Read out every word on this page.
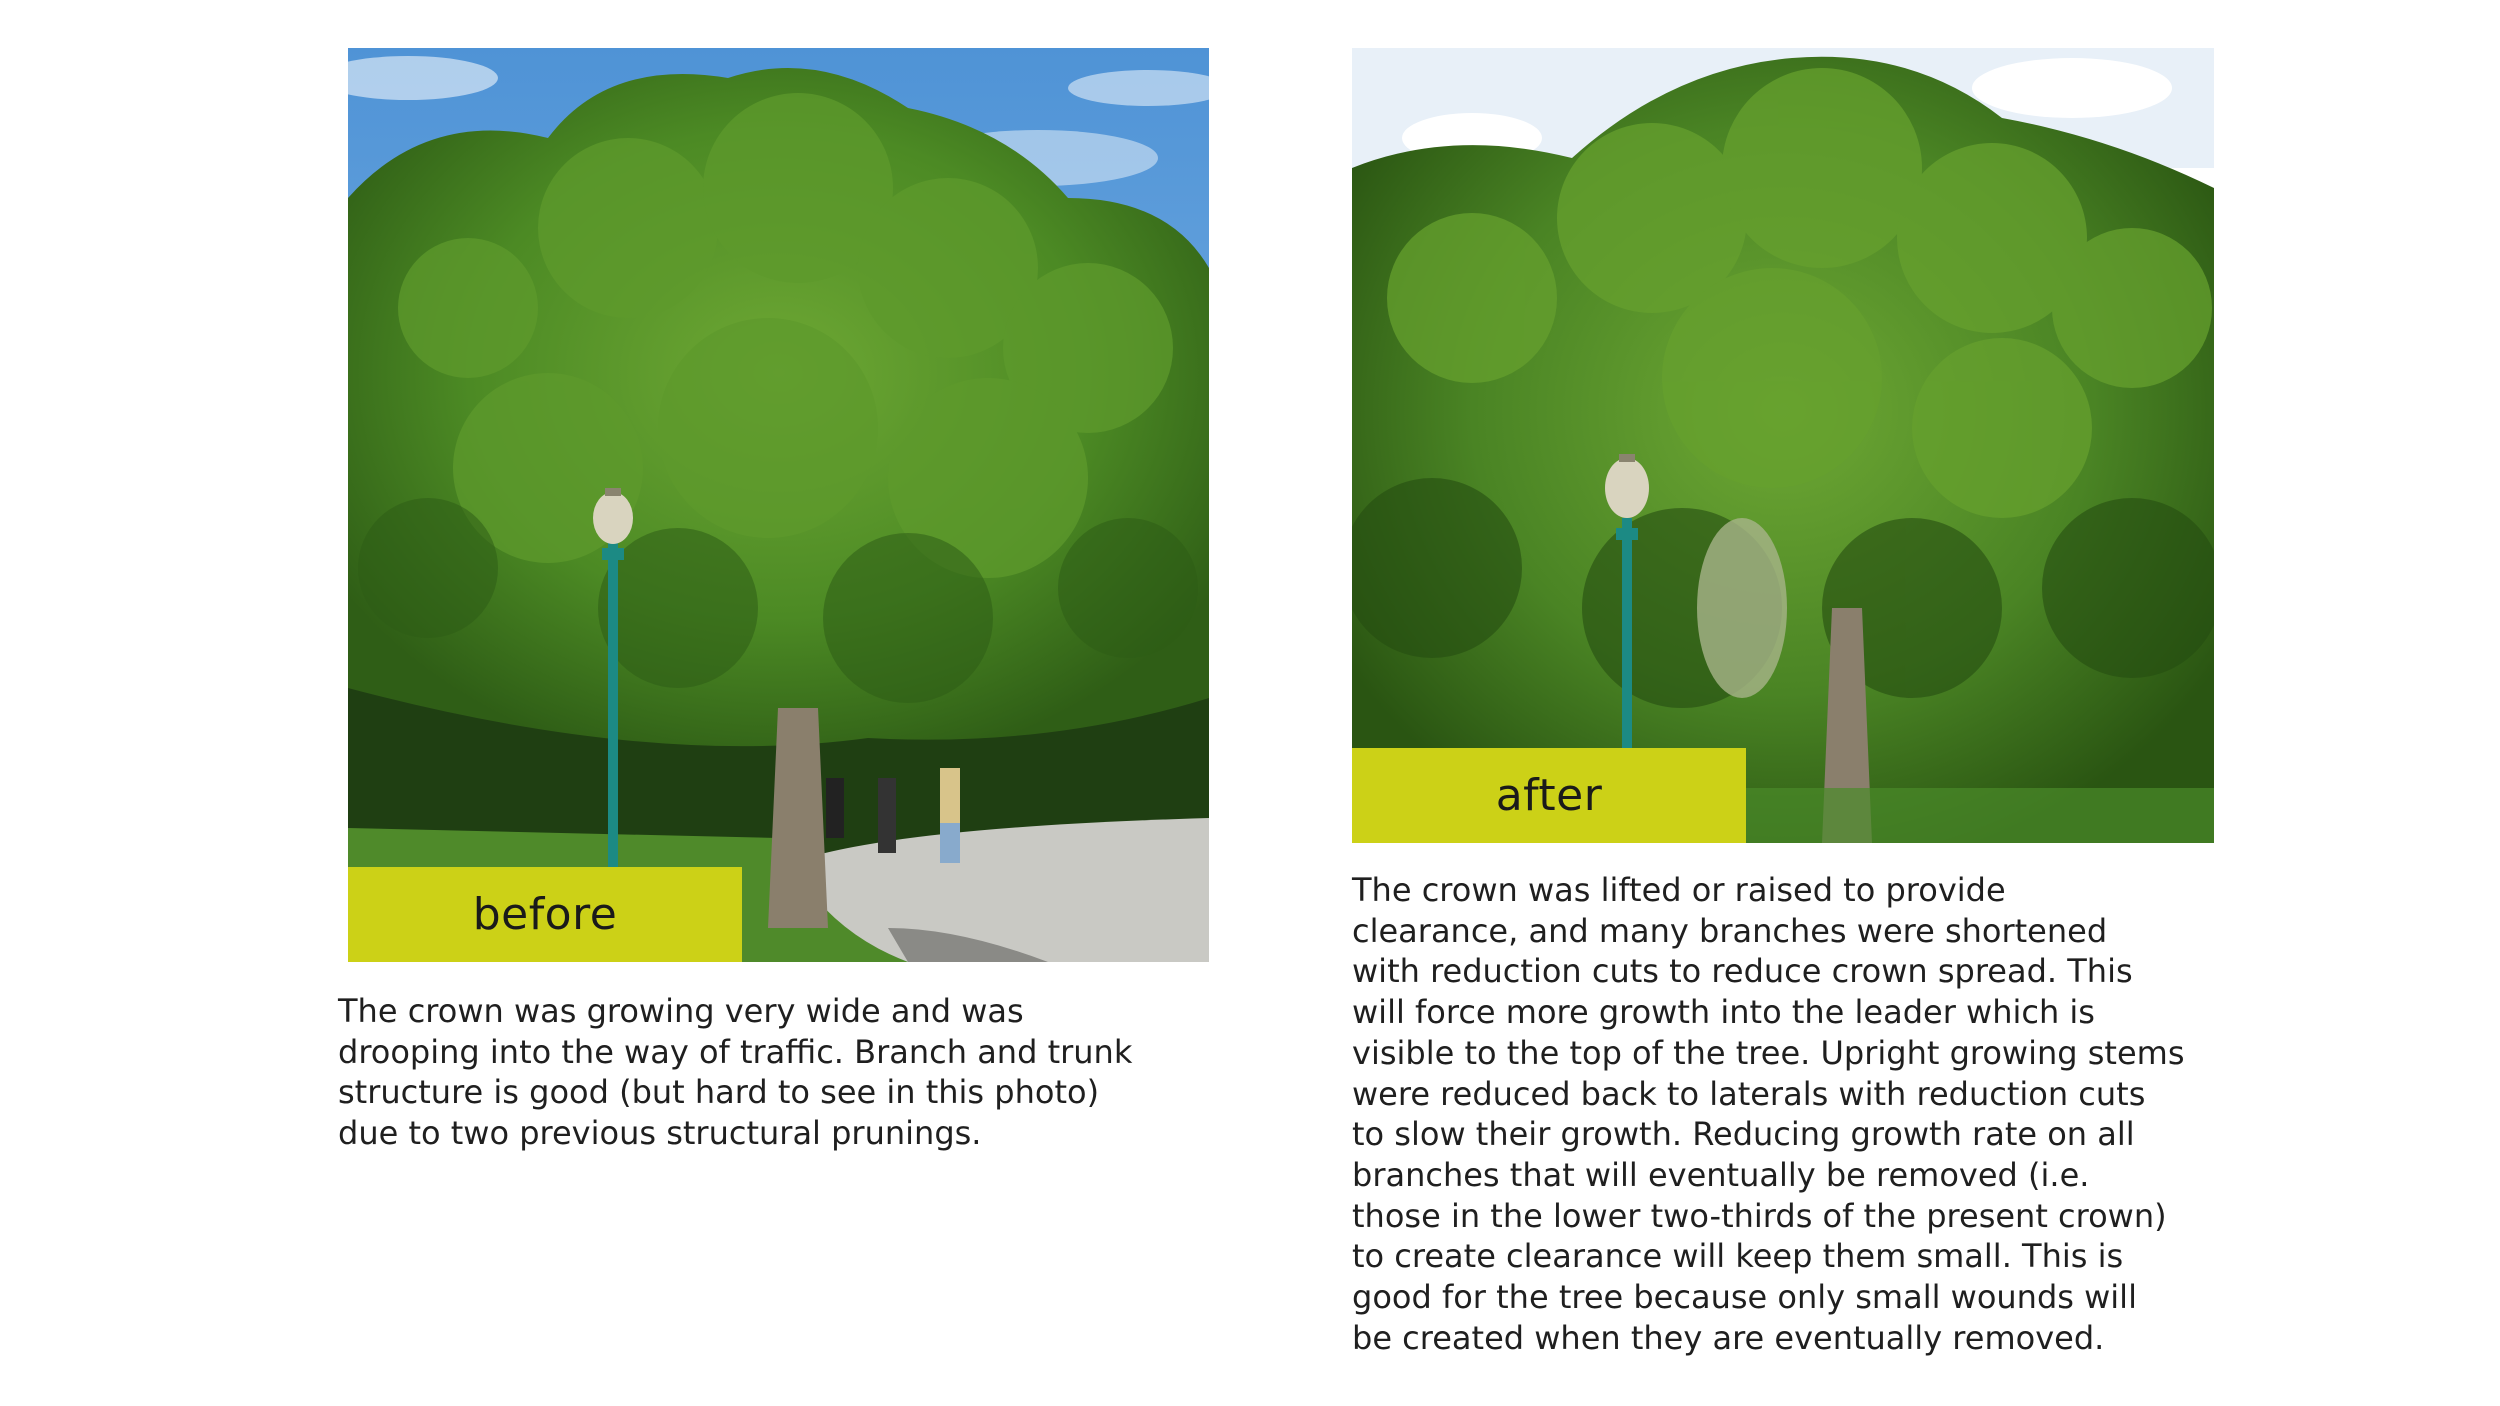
before

The crown was growing very wide and was
drooping into the way of traffic. Branch and trunk
structure is good (but hard to see in this photo)
due to two previous structural prunings.

after

The crown was lifted or raised to provide
clearance, and many branches were shortened
with reduction cuts to reduce crown spread. This
will force more growth into the leader which is
visible to the top of the tree. Upright growing stems
were reduced back to laterals with reduction cuts
to slow their growth. Reducing growth rate on all
branches that will eventually be removed (i.e.
those in the lower two-thirds of the present crown)
to create clearance will keep them small. This is
good for the tree because only small wounds will
be created when they are eventually removed.
